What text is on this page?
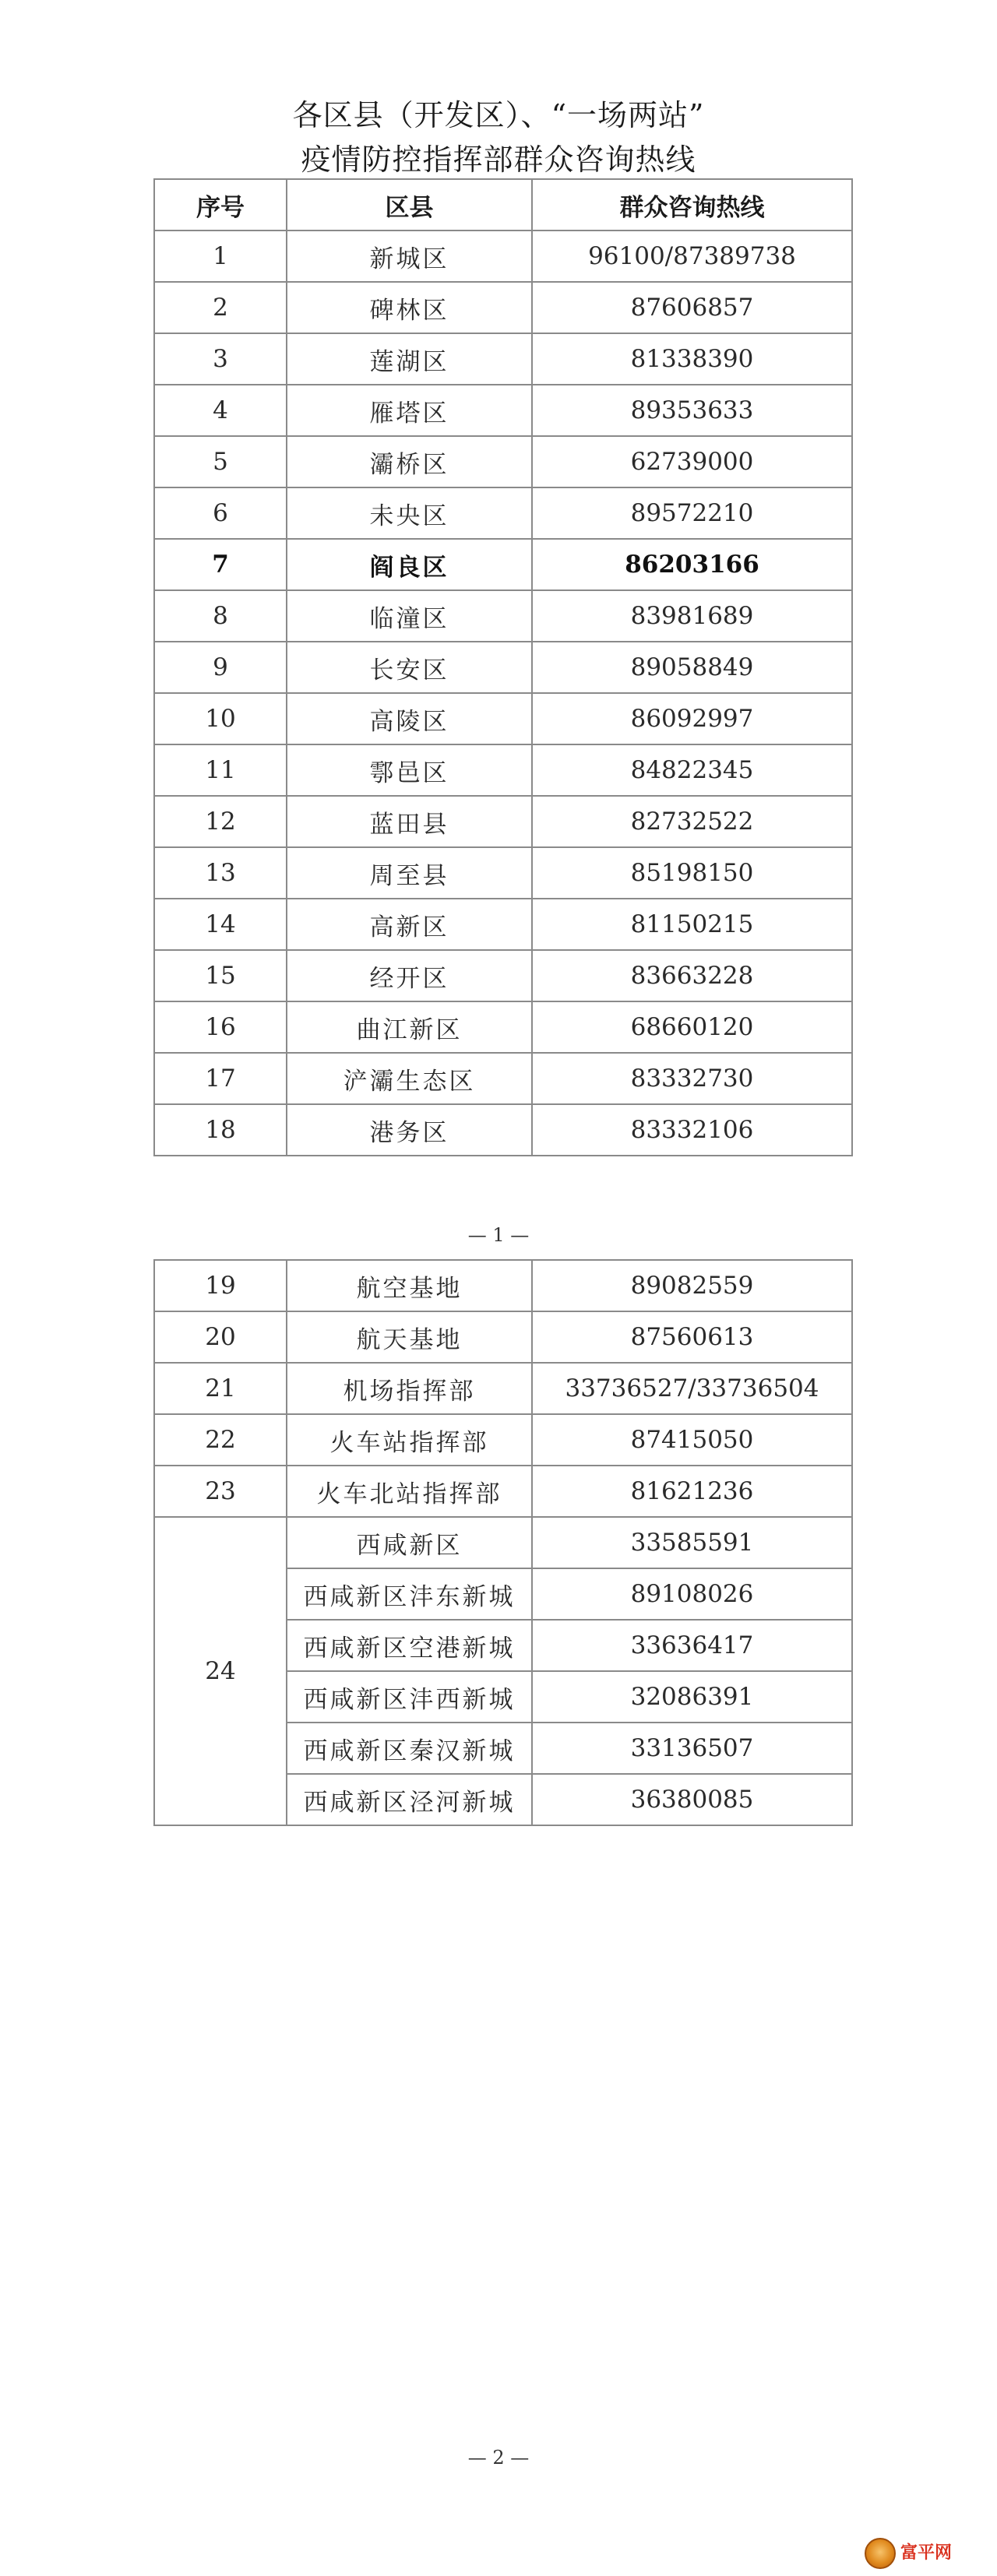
各区县（开发区）、“一场两站”
疫情防控指挥部群众咨询热线
序号	区县	群众咨询热线
1	新城区	96100/87389738
2	碑林区	87606857
3	莲湖区	81338390
4	雁塔区	89353633
5	灞桥区	62739000
6	未央区	89572210
7	阎良区	86203166
8	临潼区	83981689
9	长安区	89058849
10	高陵区	86092997
11	鄠邑区	84822345
12	蓝田县	82732522
13	周至县	85198150
14	高新区	81150215
15	经开区	83663228
16	曲江新区	68660120
17	浐灞生态区	83332730
18	港务区	83332106
— 1 —
19	航空基地	89082559
20	航天基地	87560613
21	机场指挥部	33736527/33736504
22	火车站指挥部	87415050
23	火车北站指挥部	81621236
24	西咸新区	33585591
	西咸新区沣东新城	89108026
	西咸新区空港新城	33636417
	西咸新区沣西新城	32086391
	西咸新区秦汉新城	33136507
	西咸新区泾河新城	36380085
— 2 —
富平网
